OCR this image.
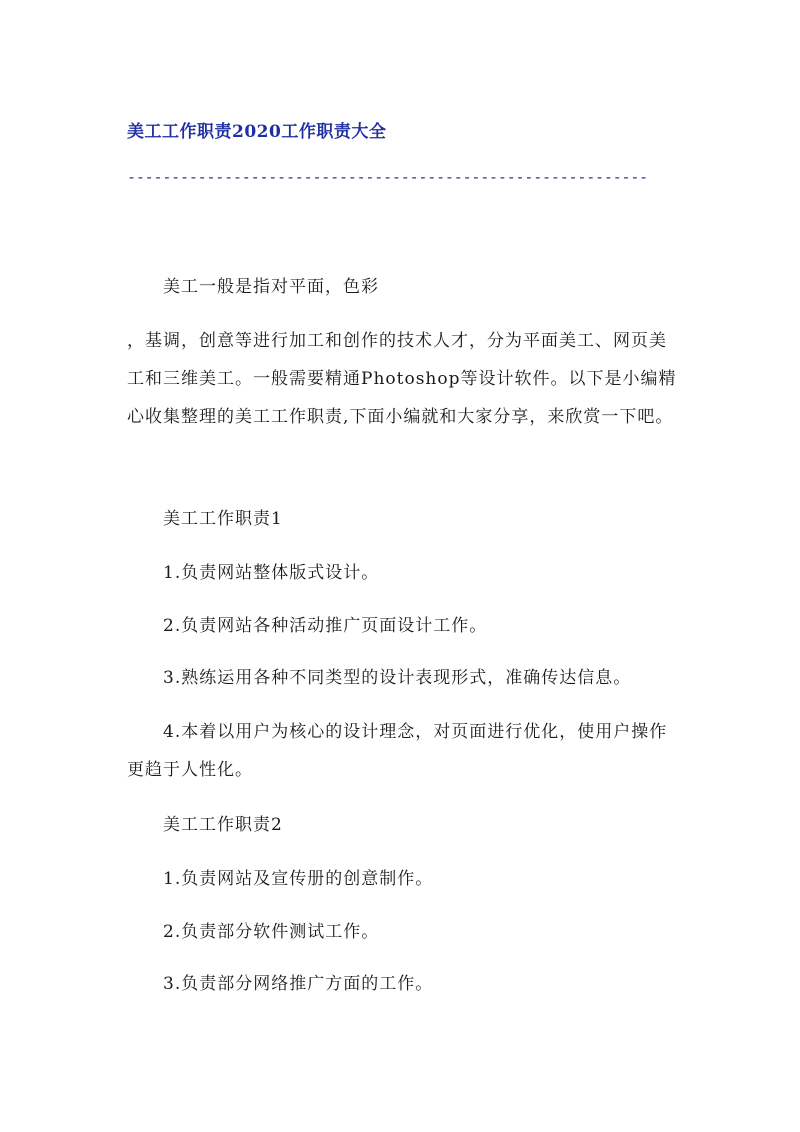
美工工作职责2020工作职责大全
-----------------------------------------------------------

美工一般是指对平面，色彩

，基调，创意等进行加工和创作的技术人才，分为平面美工、网页美工和三维美工。一般需要精通Photoshop等设计软件。以下是小编精心收集整理的美工工作职责,下面小编就和大家分享，来欣赏一下吧。

美工工作职责1

1.负责网站整体版式设计。

2.负责网站各种活动推广页面设计工作。

3.熟练运用各种不同类型的设计表现形式，准确传达信息。

4.本着以用户为核心的设计理念，对页面进行优化，使用户操作更趋于人性化。

美工工作职责2

1.负责网站及宣传册的创意制作。

2.负责部分软件测试工作。

3.负责部分网络推广方面的工作。
